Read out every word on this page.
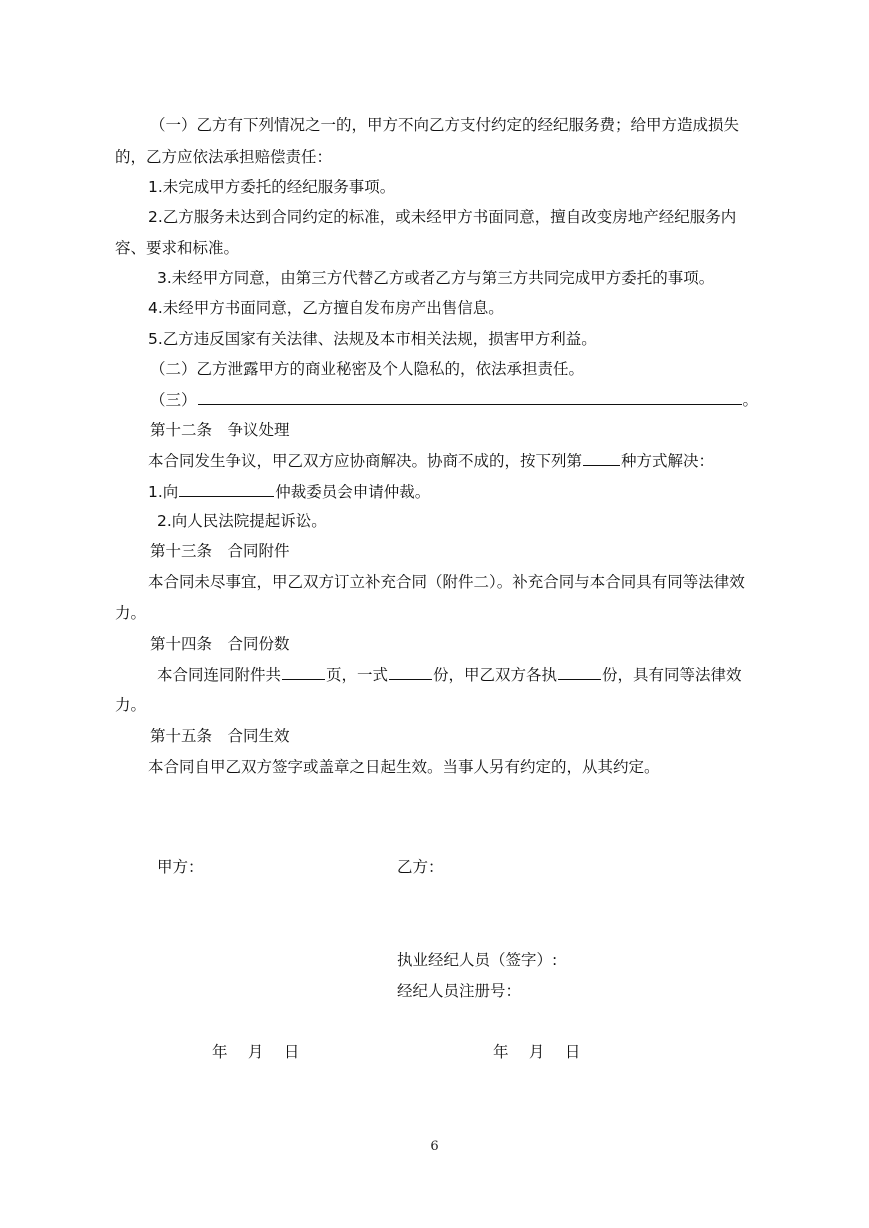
（一）乙方有下列情况之一的，甲方不向乙方支付约定的经纪服务费；给甲方造成损失
的，乙方应依法承担赔偿责任：
1.未完成甲方委托的经纪服务事项。
2.乙方服务未达到合同约定的标准，或未经甲方书面同意，擅自改变房地产经纪服务内
容、要求和标准。
3.未经甲方同意，由第三方代替乙方或者乙方与第三方共同完成甲方委托的事项。
4.未经甲方书面同意，乙方擅自发布房产出售信息。
5.乙方违反国家有关法律、法规及本市相关法规，损害甲方利益。
（二）乙方泄露甲方的商业秘密及个人隐私的，依法承担责任。
（三）	。
第十二条　争议处理
本合同发生争议，甲乙双方应协商解决。协商不成的，按下列第	种方式解决：
1.向	仲裁委员会申请仲裁。
2.向人民法院提起诉讼。
第十三条　合同附件
本合同未尽事宜，甲乙双方订立补充合同（附件二）。补充合同与本合同具有同等法律效
力。
第十四条　合同份数
本合同连同附件共	页，一式	份，甲乙双方各执	份，具有同等法律效
力。
第十五条　合同生效
本合同自甲乙双方签字或盖章之日起生效。当事人另有约定的，从其约定。
甲方：	乙方：
执业经纪人员（签字）:
经纪人员注册号：
年　 月　 日	年　 月　 日
6
